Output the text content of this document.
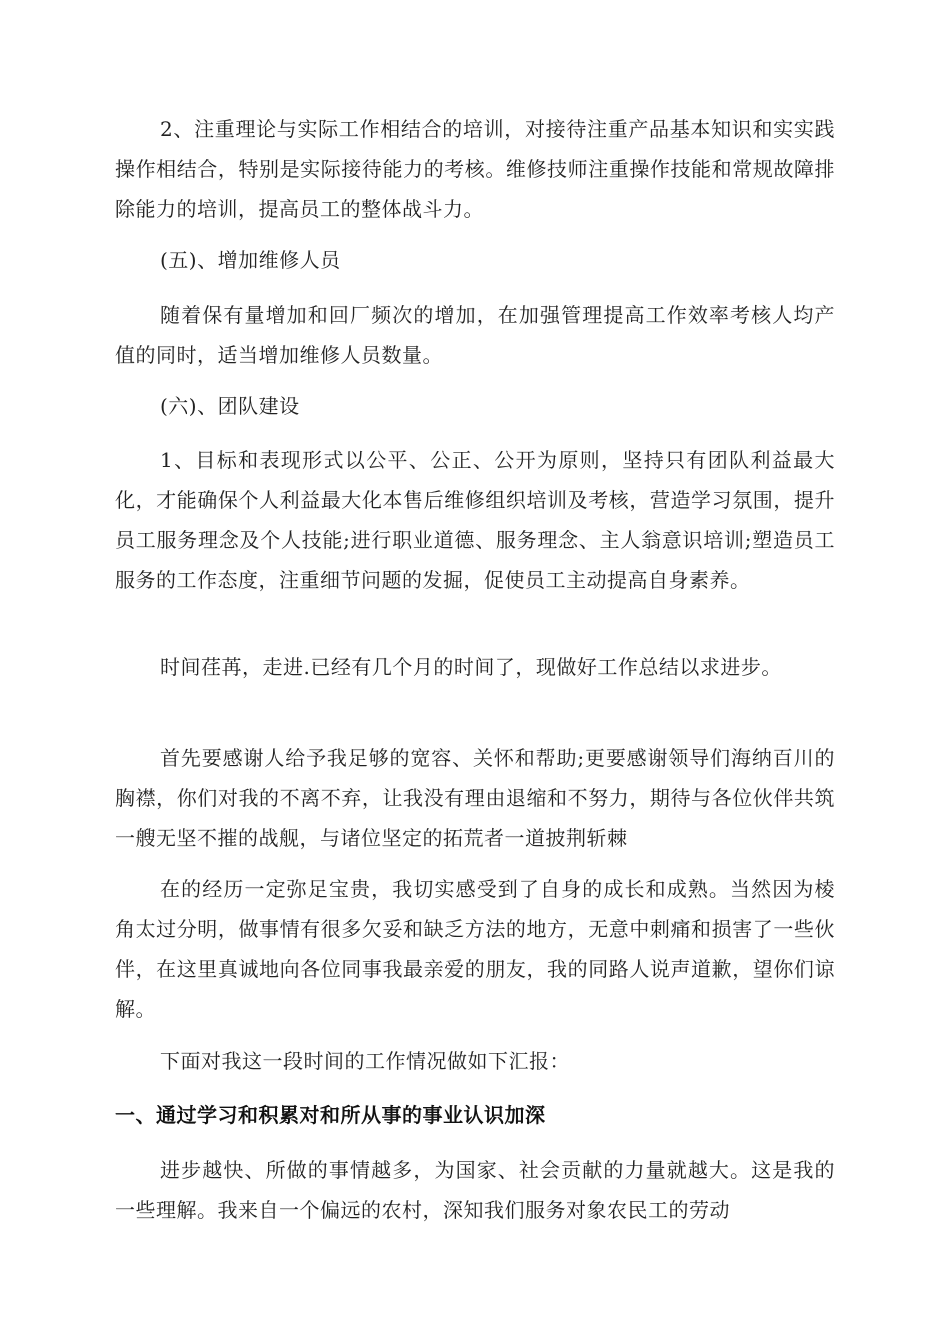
2、注重理论与实际工作相结合的培训，对接待注重产品基本知识和实实践操作相结合，特别是实际接待能力的考核。维修技师注重操作技能和常规故障排除能力的培训，提高员工的整体战斗力。

(五)、增加维修人员

随着保有量增加和回厂频次的增加，在加强管理提高工作效率考核人均产值的同时，适当增加维修人员数量。

(六)、团队建设

1、目标和表现形式以公平、公正、公开为原则，坚持只有团队利益最大化，才能确保个人利益最大化本售后维修组织培训及考核，营造学习氛围，提升员工服务理念及个人技能;进行职业道德、服务理念、主人翁意识培训;塑造员工服务的工作态度，注重细节问题的发掘，促使员工主动提高自身素养。

时间荏苒，走进.已经有几个月的时间了，现做好工作总结以求进步。

首先要感谢人给予我足够的宽容、关怀和帮助;更要感谢领导们海纳百川的胸襟，你们对我的不离不弃，让我没有理由退缩和不努力，期待与各位伙伴共筑一艘无坚不摧的战舰，与诸位坚定的拓荒者一道披荆斩棘

在的经历一定弥足宝贵，我切实感受到了自身的成长和成熟。当然因为棱角太过分明，做事情有很多欠妥和缺乏方法的地方，无意中刺痛和损害了一些伙伴，在这里真诚地向各位同事我最亲爱的朋友，我的同路人说声道歉，望你们谅解。

下面对我这一段时间的工作情况做如下汇报：

一、通过学习和积累对和所从事的事业认识加深

进步越快、所做的事情越多，为国家、社会贡献的力量就越大。这是我的一些理解。我来自一个偏远的农村，深知我们服务对象农民工的劳动
